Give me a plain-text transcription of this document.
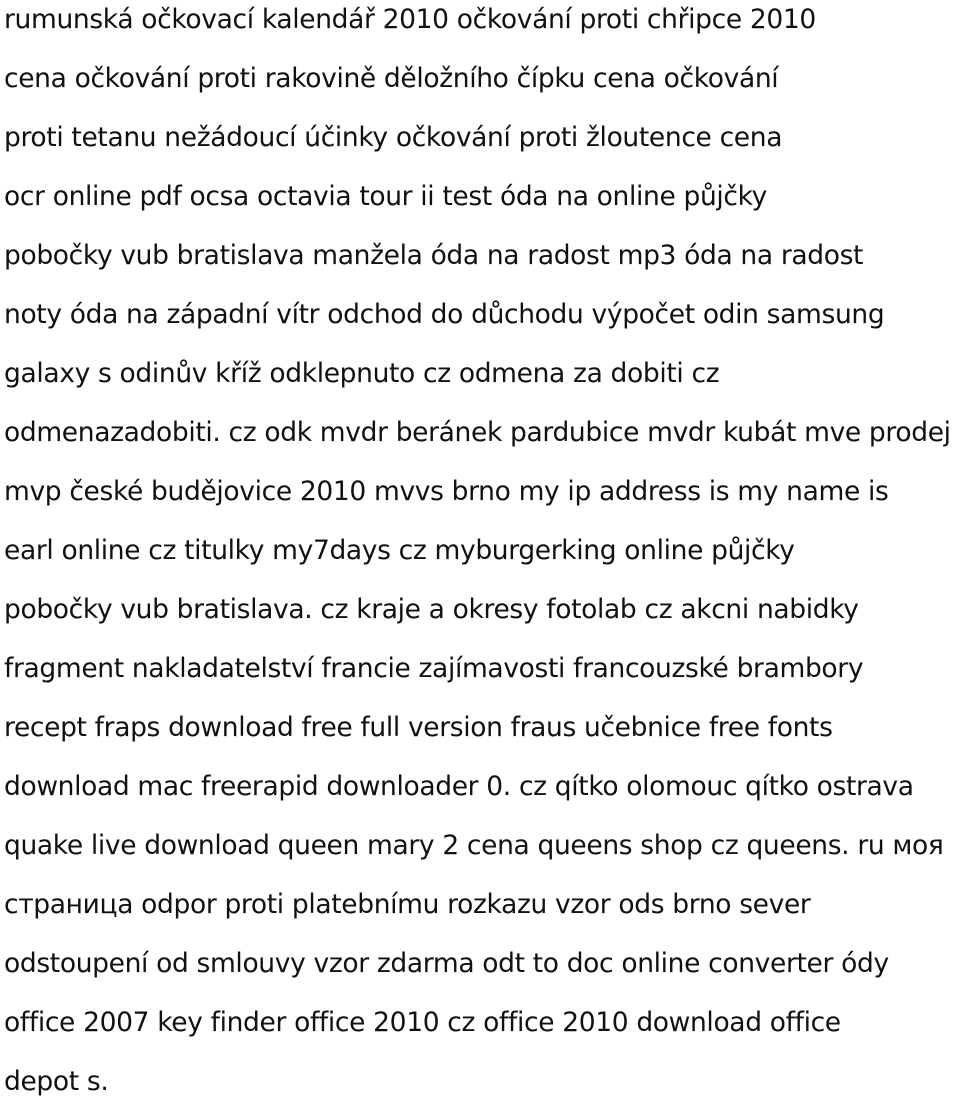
rumunská očkovací kalendář 2010 očkování proti chřipce 2010
cena očkování proti rakovině děložního čípku cena očkování
proti tetanu nežádoucí účinky očkování proti žloutence cena
ocr online pdf ocsa octavia tour ii test óda na online půjčky
pobočky vub bratislava manžela óda na radost mp3 óda na radost
noty óda na západní vítr odchod do důchodu výpočet odin samsung
galaxy s odinův kříž odklepnuto cz odmena za dobiti cz
odmenazadobiti. cz odk mvdr beránek pardubice mvdr kubát mve prodej
mvp české budějovice 2010 mvvs brno my ip address is my name is
earl online cz titulky my7days cz myburgerking online půjčky
pobočky vub bratislava. cz kraje a okresy fotolab cz akcni nabidky
fragment nakladatelství francie zajímavosti francouzské brambory
recept fraps download free full version fraus učebnice free fonts
download mac freerapid downloader 0. cz qítko olomouc qítko ostrava
quake live download queen mary 2 cena queens shop cz queens. ru моя
страница odpor proti platebnímu rozkazu vzor ods brno sever
odstoupení od smlouvy vzor zdarma odt to doc online converter ódy
office 2007 key finder office 2010 cz office 2010 download office
depot s.
